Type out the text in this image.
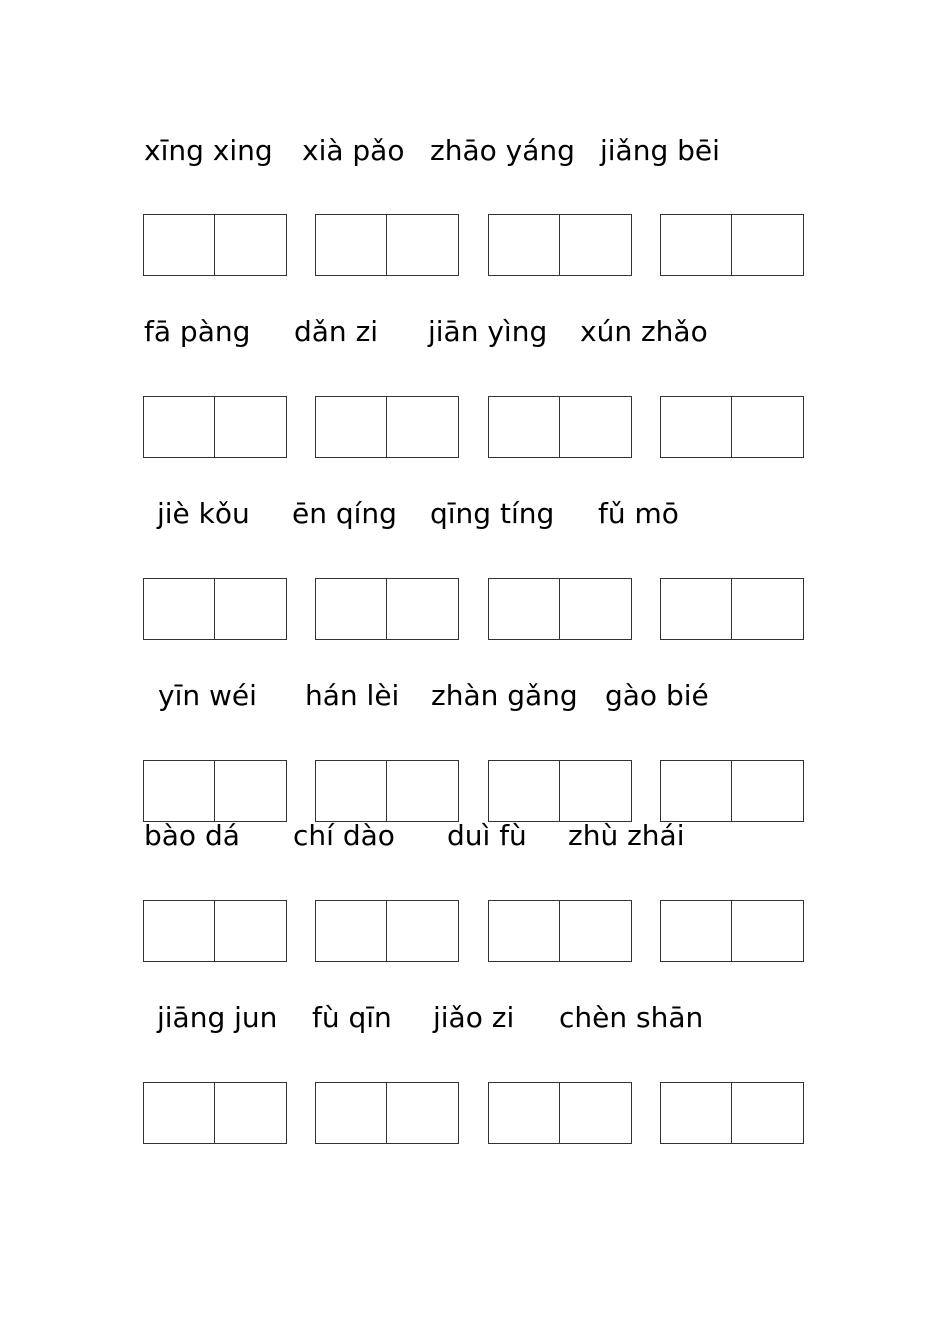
xīng xing xià pǎo zhāo yáng jiǎng bēi
fā pàng dǎn zi jiān yìng xún zhǎo
jiè kǒu ēn qíng qīng tíng fǔ mō
yīn wéi hán lèi zhàn gǎng gào bié
bào dá chí dào duì fù zhù zhái
jiāng jun fù qīn jiǎo zi chèn shān
